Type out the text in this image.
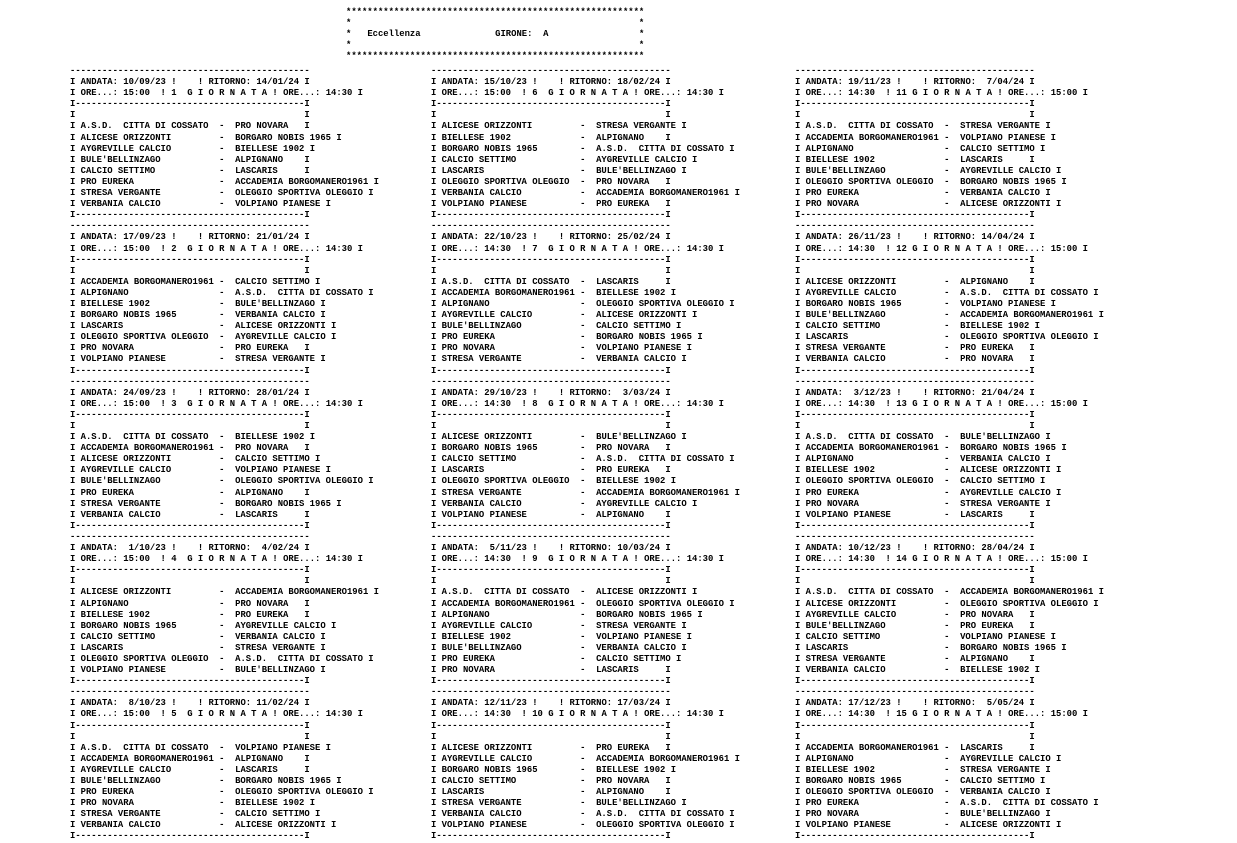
********************************************************
*                                                      *
*   Eccellenza	GIRONE: A	*
*                                                      *
********************************************************
---------------------------------------------
I ANDATA: 10/09/23 !    ! RITORNO: 14/01/24 I
I ORE...: 15:00  ! 1 G I O R N A T A ! ORE...: 14:30 I
I-------------------------------------------I
I                                           I
I A.S.D.  CITTA DI COSSATO  -  PRO NOVARA   I
I ALICESE ORIZZONTI         -  BORGARO NOBIS 1965 I
I AYGREVILLE CALCIO         -  BIELLESE 1902 I
I BULE'BELLINZAGO           -  ALPIGNANO    I
I CALCIO SETTIMO            -  LASCARIS	I
I PRO EUREKA                -  ACCADEMIA BORGOMANERO1961 I
I STRESA VERGANTE           -  OLEGGIO SPORTIVA OLEGGIO I
I VERBANIA CALCIO           -  VOLPIANO PIANESE I
I-------------------------------------------I
---------------------------------------------
I ANDATA: 17/09/23 !    ! RITORNO: 21/01/24 I
I ORE...: 15:00  ! 2 G I O R N A T A ! ORE...: 14:30 I
I-------------------------------------------I
I                                           I
I ACCADEMIA BORGOMANERO1961 -  CALCIO SETTIMO I
I ALPIGNANO                 -  A.S.D.  CITTA DI COSSATO I
I BIELLESE 1902             -  BULE'BELLINZAGO I
I BORGARO NOBIS 1965        -  VERBANIA CALCIO I
I LASCARIS                  -  ALICESE ORIZZONTI I
I OLEGGIO SPORTIVA OLEGGIO  -  AYGREVILLE CALCIO I
I PRO NOVARA                -  PRO EUREKA   I
I VOLPIANO PIANESE          -  STRESA VERGANTE I
I-------------------------------------------I
---------------------------------------------
I ANDATA: 24/09/23 !    ! RITORNO: 28/01/24 I
I ORE...: 15:00  ! 3 G I O R N A T A ! ORE...: 14:30 I
I-------------------------------------------I
I                                           I
I A.S.D.  CITTA DI COSSATO  -  BIELLESE 1902 I
I ACCADEMIA BORGOMANERO1961 -  PRO NOVARA   I
I ALICESE ORIZZONTI         -  CALCIO SETTIMO I
I AYGREVILLE CALCIO         -  VOLPIANO PIANESE I
I BULE'BELLINZAGO           -  OLEGGIO SPORTIVA OLEGGIO I
I PRO EUREKA                -  ALPIGNANO    I
I STRESA VERGANTE           -  BORGARO NOBIS 1965 I
I VERBANIA CALCIO           -  LASCARIS	I
I-------------------------------------------I
---------------------------------------------
I ANDATA:  1/10/23 !    ! RITORNO:  4/02/24 I
I ORE...: 15:00  ! 4 G I O R N A T A ! ORE...: 14:30 I
I-------------------------------------------I
I                                           I
I ALICESE ORIZZONTI         -  ACCADEMIA BORGOMANERO1961 I
I ALPIGNANO                 -  PRO NOVARA   I
I BIELLESE 1902             -  PRO EUREKA   I
I BORGARO NOBIS 1965        -  AYGREVILLE CALCIO I
I CALCIO SETTIMO            -  VERBANIA CALCIO I
I LASCARIS                  -  STRESA VERGANTE I
I OLEGGIO SPORTIVA OLEGGIO  -  A.S.D.  CITTA DI COSSATO I
I VOLPIANO PIANESE          -  BULE'BELLINZAGO I
I-------------------------------------------I
---------------------------------------------
I ANDATA:  8/10/23 !    ! RITORNO: 11/02/24 I
I ORE...: 15:00  ! 5 G I O R N A T A ! ORE...: 14:30 I
I-------------------------------------------I
I                                           I
I A.S.D.  CITTA DI COSSATO  -  VOLPIANO PIANESE I
I ACCADEMIA BORGOMANERO1961 -  ALPIGNANO    I
I AYGREVILLE CALCIO         -  LASCARIS	I
I BULE'BELLINZAGO           -  BORGARO NOBIS 1965 I
I PRO EUREKA                -  OLEGGIO SPORTIVA OLEGGIO I
I PRO NOVARA                -  BIELLESE 1902 I
I STRESA VERGANTE           -  CALCIO SETTIMO I
I VERBANIA CALCIO           -  ALICESE ORIZZONTI I
I-------------------------------------------I
---------------------------------------------
I ANDATA: 15/10/23 !    ! RITORNO: 18/02/24 I
I ORE...: 15:00  ! 6 G I O R N A T A ! ORE...: 14:30 I
I-------------------------------------------I
I                                           I
I ALICESE ORIZZONTI         -  STRESA VERGANTE I
I BIELLESE 1902             -  ALPIGNANO    I
I BORGARO NOBIS 1965        -  A.S.D.  CITTA DI COSSATO I
I CALCIO SETTIMO            -  AYGREVILLE CALCIO I
I LASCARIS                  -  BULE'BELLINZAGO I
I OLEGGIO SPORTIVA OLEGGIO  -  PRO NOVARA   I
I VERBANIA CALCIO           -  ACCADEMIA BORGOMANERO1961 I
I VOLPIANO PIANESE          -  PRO EUREKA   I
I-------------------------------------------I
---------------------------------------------
I ANDATA: 22/10/23 !    ! RITORNO: 25/02/24 I
I ORE...: 14:30  ! 7 G I O R N A T A ! ORE...: 14:30 I
I-------------------------------------------I
I                                           I
I A.S.D.  CITTA DI COSSATO  -  LASCARIS	I
I ACCADEMIA BORGOMANERO1961 -  BIELLESE 1902 I
I ALPIGNANO                 -  OLEGGIO SPORTIVA OLEGGIO I
I AYGREVILLE CALCIO         -  ALICESE ORIZZONTI I
I BULE'BELLINZAGO           -  CALCIO SETTIMO I
I PRO EUREKA                -  BORGARO NOBIS 1965 I
I PRO NOVARA                -  VOLPIANO PIANESE I
I STRESA VERGANTE           -  VERBANIA CALCIO I
I-------------------------------------------I
---------------------------------------------
I ANDATA: 29/10/23 !    ! RITORNO:  3/03/24 I
I ORE...: 14:30  ! 8 G I O R N A T A ! ORE...: 14:30 I
I-------------------------------------------I
I                                           I
I ALICESE ORIZZONTI         -  BULE'BELLINZAGO I
I BORGARO NOBIS 1965        -  PRO NOVARA   I
I CALCIO SETTIMO            -  A.S.D.  CITTA DI COSSATO I
I LASCARIS                  -  PRO EUREKA   I
I OLEGGIO SPORTIVA OLEGGIO  -  BIELLESE 1902 I
I STRESA VERGANTE           -  ACCADEMIA BORGOMANERO1961 I
I VERBANIA CALCIO           -  AYGREVILLE CALCIO I
I VOLPIANO PIANESE          -  ALPIGNANO    I
I-------------------------------------------I
---------------------------------------------
I ANDATA:  5/11/23 !    ! RITORNO: 10/03/24 I
I ORE...: 14:30  ! 9 G I O R N A T A ! ORE...: 14:30 I
I-------------------------------------------I
I                                           I
I A.S.D.  CITTA DI COSSATO  -  ALICESE ORIZZONTI I
I ACCADEMIA BORGOMANERO1961 -  OLEGGIO SPORTIVA OLEGGIO I
I ALPIGNANO                 -  BORGARO NOBIS 1965 I
I AYGREVILLE CALCIO         -  STRESA VERGANTE I
I BIELLESE 1902             -  VOLPIANO PIANESE I
I BULE'BELLINZAGO           -  VERBANIA CALCIO I
I PRO EUREKA                -  CALCIO SETTIMO I
I PRO NOVARA                -  LASCARIS	I
I-------------------------------------------I
---------------------------------------------
I ANDATA: 12/11/23 !    ! RITORNO: 17/03/24 I
I ORE...: 14:30  ! 10 G I O R N A T A ! ORE...: 14:30 I
I-------------------------------------------I
I                                           I
I ALICESE ORIZZONTI         -  PRO EUREKA   I
I AYGREVILLE CALCIO         -  ACCADEMIA BORGOMANERO1961 I
I BORGARO NOBIS 1965        -  BIELLESE 1902 I
I CALCIO SETTIMO            -  PRO NOVARA   I
I LASCARIS                  -  ALPIGNANO    I
I STRESA VERGANTE           -  BULE'BELLINZAGO I
I VERBANIA CALCIO           -  A.S.D.  CITTA DI COSSATO I
I VOLPIANO PIANESE          -  OLEGGIO SPORTIVA OLEGGIO I
I-------------------------------------------I
---------------------------------------------
I ANDATA: 19/11/23 !    ! RITORNO:  7/04/24 I
I ORE...: 14:30  ! 11 G I O R N A T A ! ORE...: 15:00 I
I-------------------------------------------I
I                                           I
I A.S.D.  CITTA DI COSSATO  -  STRESA VERGANTE I
I ACCADEMIA BORGOMANERO1961 -  VOLPIANO PIANESE I
I ALPIGNANO                 -  CALCIO SETTIMO I
I BIELLESE 1902             -  LASCARIS	I
I BULE'BELLINZAGO           -  AYGREVILLE CALCIO I
I OLEGGIO SPORTIVA OLEGGIO  -  BORGARO NOBIS 1965 I
I PRO EUREKA                -  VERBANIA CALCIO I
I PRO NOVARA                -  ALICESE ORIZZONTI I
I-------------------------------------------I
---------------------------------------------
I ANDATA: 26/11/23 !    ! RITORNO: 14/04/24 I
I ORE...: 14:30  ! 12 G I O R N A T A ! ORE...: 15:00 I
I-------------------------------------------I
I                                           I
I ALICESE ORIZZONTI         -  ALPIGNANO    I
I AYGREVILLE CALCIO         -  A.S.D.  CITTA DI COSSATO I
I BORGARO NOBIS 1965        -  VOLPIANO PIANESE I
I BULE'BELLINZAGO           -  ACCADEMIA BORGOMANERO1961 I
I CALCIO SETTIMO            -  BIELLESE 1902 I
I LASCARIS                  -  OLEGGIO SPORTIVA OLEGGIO I
I STRESA VERGANTE           -  PRO EUREKA   I
I VERBANIA CALCIO           -  PRO NOVARA   I
I-------------------------------------------I
---------------------------------------------
I ANDATA:  3/12/23 !    ! RITORNO: 21/04/24 I
I ORE...: 14:30  ! 13 G I O R N A T A ! ORE...: 15:00 I
I-------------------------------------------I
I                                           I
I A.S.D.  CITTA DI COSSATO  -  BULE'BELLINZAGO I
I ACCADEMIA BORGOMANERO1961 -  BORGARO NOBIS 1965 I
I ALPIGNANO                 -  VERBANIA CALCIO I
I BIELLESE 1902             -  ALICESE ORIZZONTI I
I OLEGGIO SPORTIVA OLEGGIO  -  CALCIO SETTIMO I
I PRO EUREKA                -  AYGREVILLE CALCIO I
I PRO NOVARA                -  STRESA VERGANTE I
I VOLPIANO PIANESE          -  LASCARIS	I
I-------------------------------------------I
---------------------------------------------
I ANDATA: 10/12/23 !    ! RITORNO: 28/04/24 I
I ORE...: 14:30  ! 14 G I O R N A T A ! ORE...: 15:00 I
I-------------------------------------------I
I                                           I
I A.S.D.  CITTA DI COSSATO  -  ACCADEMIA BORGOMANERO1961 I
I ALICESE ORIZZONTI         -  OLEGGIO SPORTIVA OLEGGIO I
I AYGREVILLE CALCIO         -  PRO NOVARA   I
I BULE'BELLINZAGO           -  PRO EUREKA   I
I CALCIO SETTIMO            -  VOLPIANO PIANESE I
I LASCARIS                  -  BORGARO NOBIS 1965 I
I STRESA VERGANTE           -  ALPIGNANO    I
I VERBANIA CALCIO           -  BIELLESE 1902 I
I-------------------------------------------I
---------------------------------------------
I ANDATA: 17/12/23 !    ! RITORNO:  5/05/24 I
I ORE...: 14:30  ! 15 G I O R N A T A ! ORE...: 15:00 I
I-------------------------------------------I
I                                           I
I ACCADEMIA BORGOMANERO1961 -  LASCARIS	I
I ALPIGNANO                 -  AYGREVILLE CALCIO I
I BIELLESE 1902             -  STRESA VERGANTE I
I BORGARO NOBIS 1965        -  CALCIO SETTIMO I
I OLEGGIO SPORTIVA OLEGGIO  -  VERBANIA CALCIO I
I PRO EUREKA                -  A.S.D.  CITTA DI COSSATO I
I PRO NOVARA                -  BULE'BELLINZAGO I
I VOLPIANO PIANESE          -  ALICESE ORIZZONTI I
I-------------------------------------------I
